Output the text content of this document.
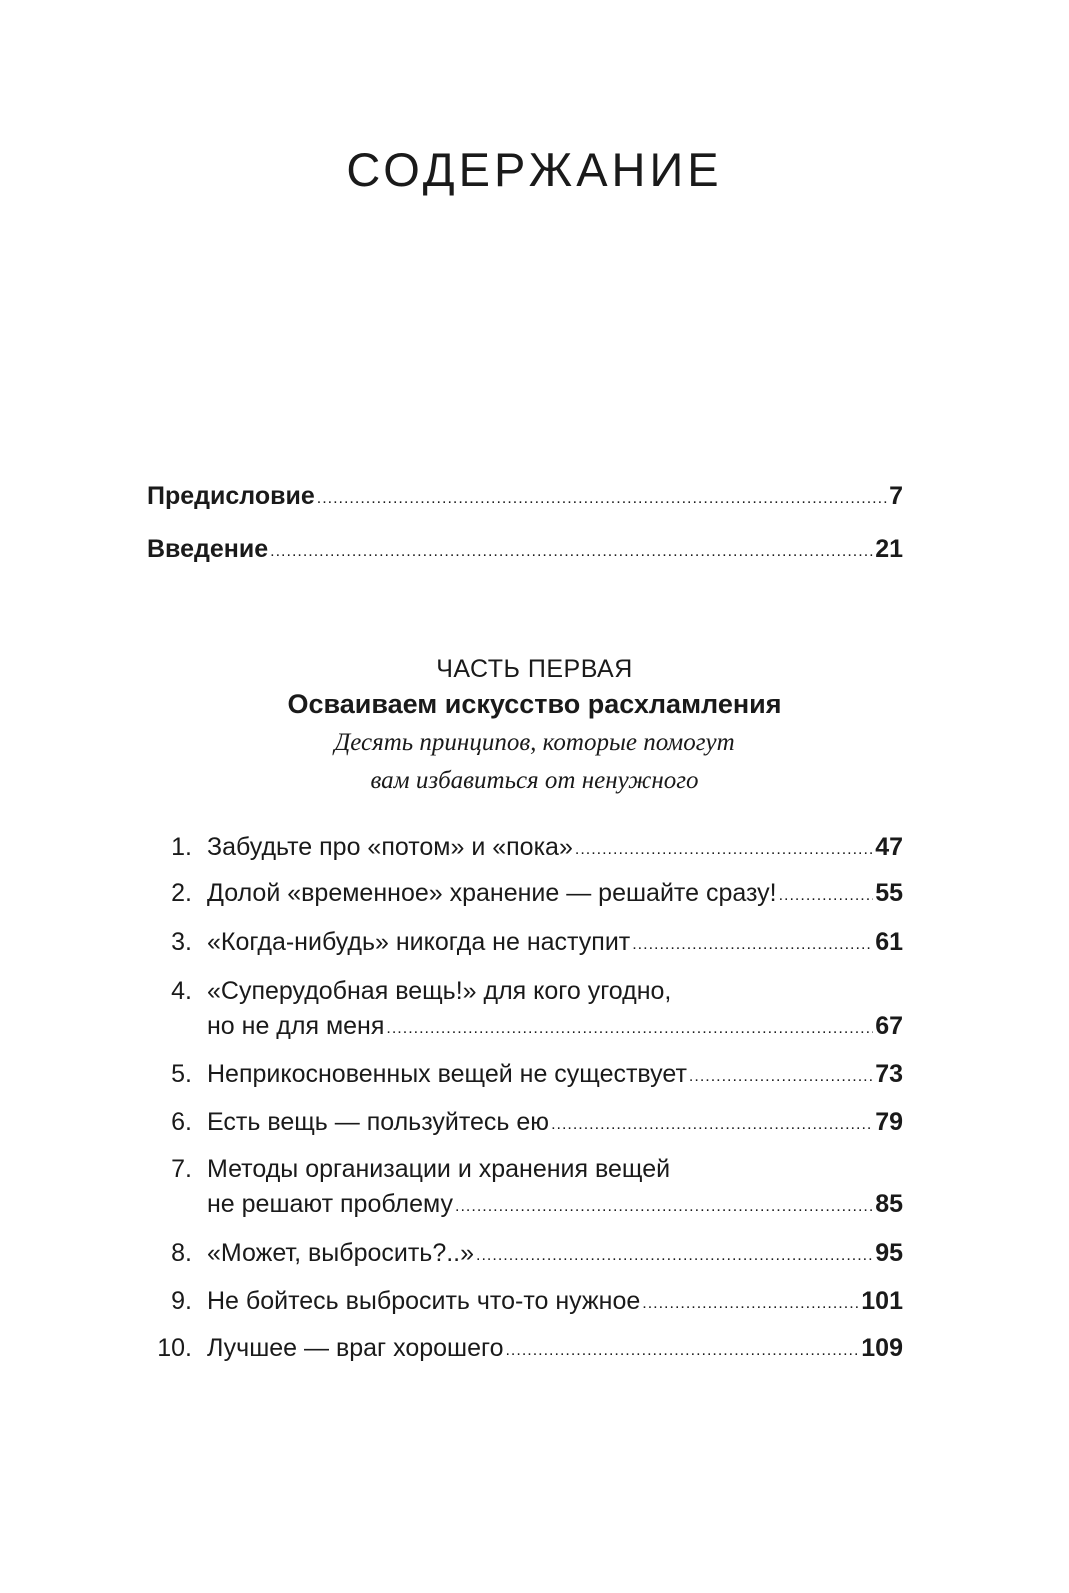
СОДЕРЖАНИЕ
Предисловие .....	7
Введение .....	21
ЧАСТЬ ПЕРВАЯ
Осваиваем искусство расхламления
Десять принципов, которые помогут
вам избавиться от ненужного
1. Забудьте про «потом» и «пока» .....	47
2. Долой «временное» хранение — решайте сразу! .....	55
3. «Когда-нибудь» никогда не наступит .....	61
4. «Суперудобная вещь!» для кого угодно,
но не для меня .....	67
5. Неприкосновенных вещей не существует .....	73
6. Есть вещь — пользуйтесь ею .....	79
7. Методы организации и хранения вещей
не решают проблему .....	85
8. «Может, выбросить?..» .....	95
9. Не бойтесь выбросить что-то нужное .....	101
10. Лучшее — враг хорошего .....	109
